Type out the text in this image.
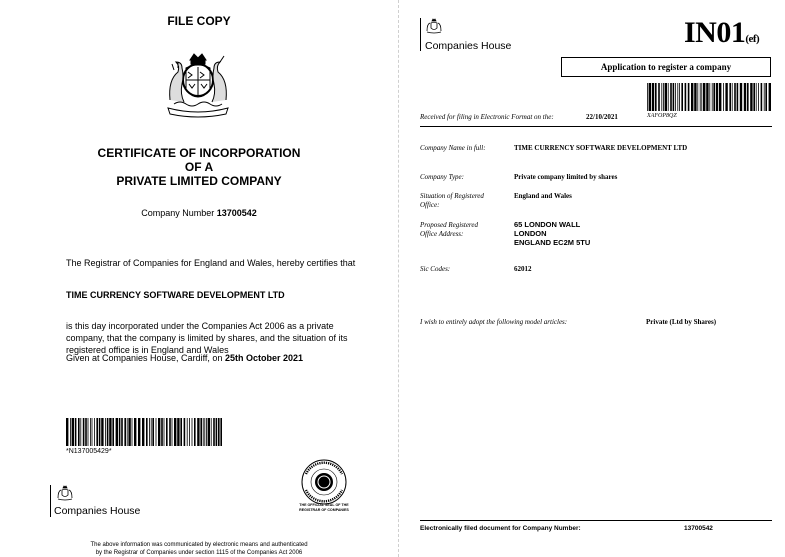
FILE COPY
CERTIFICATE OF INCORPORATION
OF A
PRIVATE LIMITED COMPANY
Company Number 13700542
The Registrar of Companies for England and Wales, hereby certifies that
TIME CURRENCY SOFTWARE DEVELOPMENT LTD
is this day incorporated under the Companies Act 2006 as a private company, that the company is limited by shares, and the situation of its registered office is in England and Wales
Given at Companies House, Cardiff, on 25th October 2021
*N137005429*
THE OFFICIAL SEAL OF THE
REGISTRAR OF COMPANIES
Companies House
The above information was communicated by electronic means and authenticated
by the Registrar of Companies under section 1115 of the Companies Act 2006
Companies House	IN01(ef)
Application to register a company
Received for filing in Electronic Format on the:	22/10/2021	XAFOP8QZ
Company Name in full:	TIME CURRENCY SOFTWARE DEVELOPMENT LTD
Company Type:	Private company limited by shares
Situation of Registered Office:
England and Wales
Proposed Registered Office Address:
65 LONDON WALL
LONDON
ENGLAND EC2M 5TU
Sic Codes:	62012
I wish to entirely adopt the following model articles:	Private (Ltd by Shares)
Electronically filed document for Company Number:	13700542
